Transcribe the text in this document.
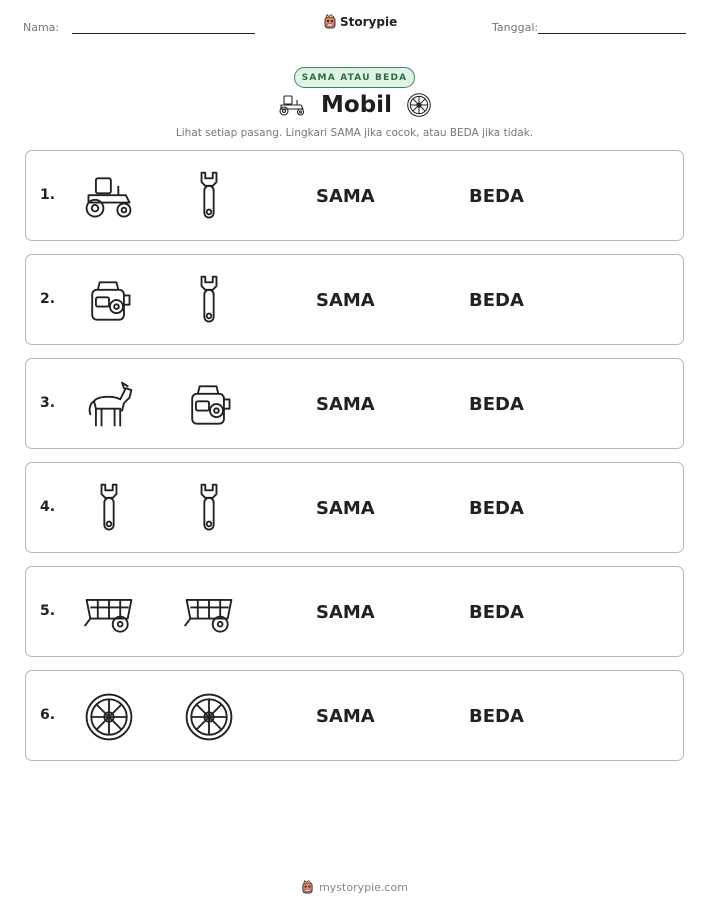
Nama:	Storypie	Tanggal:
SAMA ATAU BEDA
Mobil
Lihat setiap pasang. Lingkari SAMA jika cocok, atau BEDA jika tidak.
1.	SAMA	BEDA
2.	SAMA	BEDA
3.	SAMA	BEDA
4.	SAMA	BEDA
5.	SAMA	BEDA
6.	SAMA	BEDA
mystorypie.com
